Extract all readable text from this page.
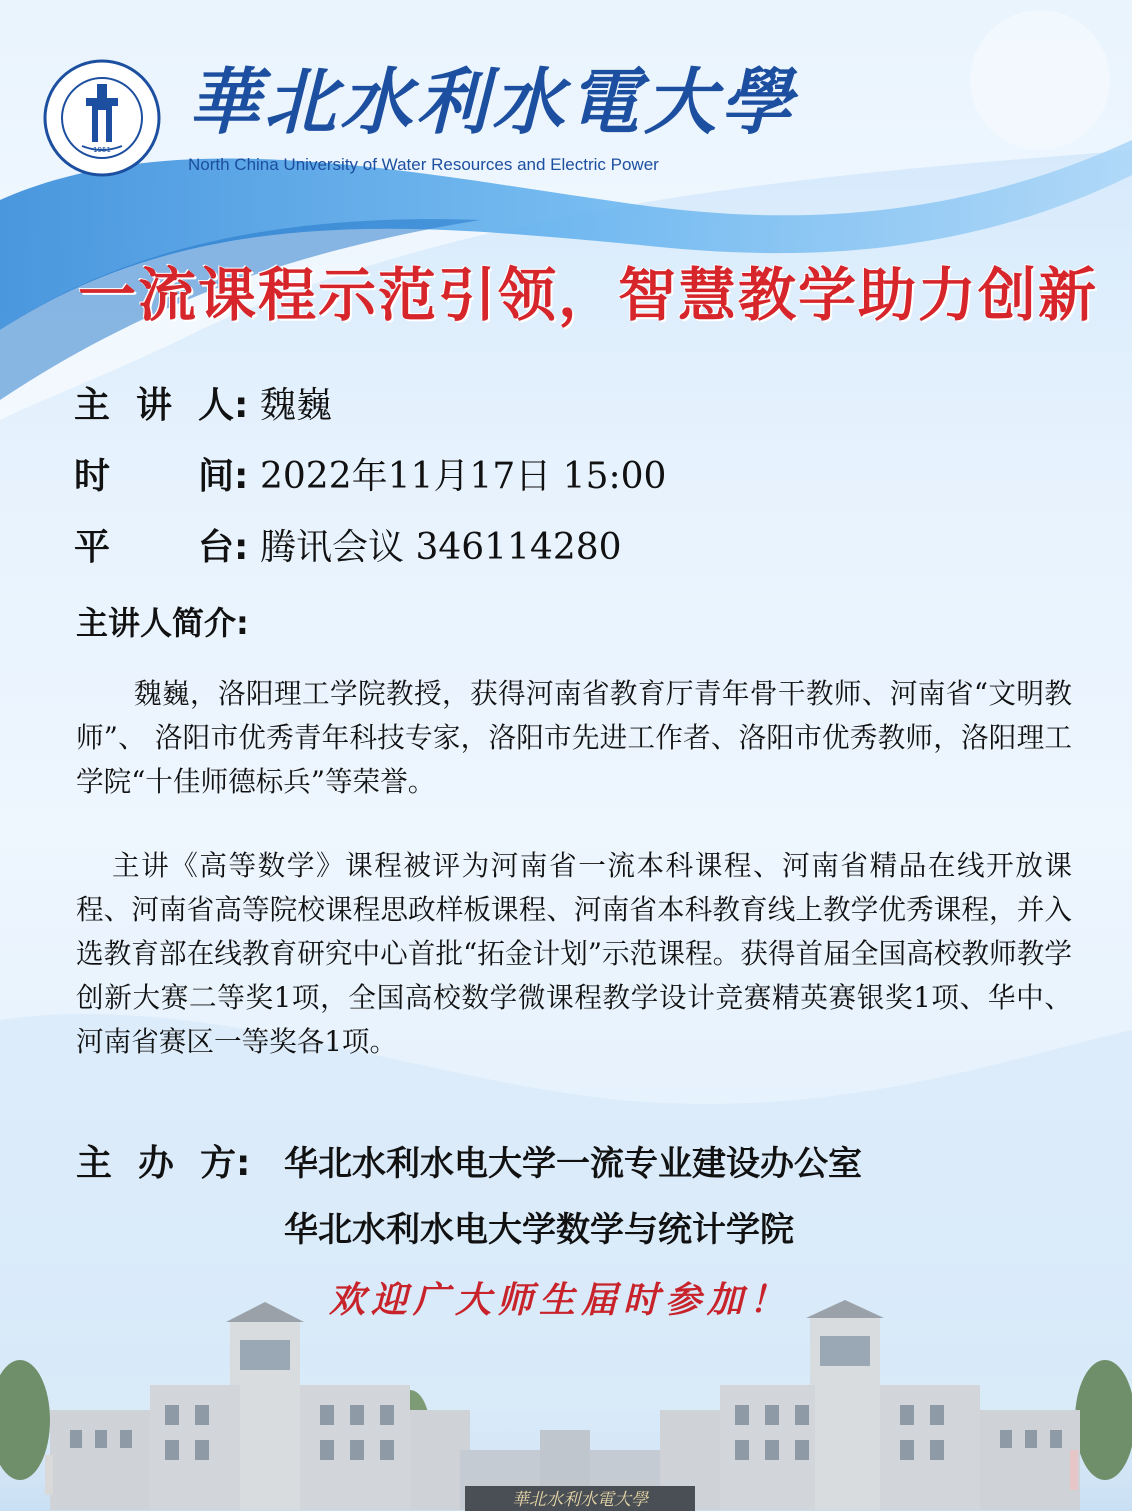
1951
華北水利水電大學
North China University of Water Resources and Electric Power
一流课程示范引领，智慧教学助力创新
主 讲 人: 魏巍
时 间: 2022年11月17日 15:00
平 台: 腾讯会议 346114280
主讲人简介:

魏巍，洛阳理工学院教授，获得河南省教育厅青年骨干教师、河南省“文明教师”、 洛阳市优秀青年科技专家，洛阳市先进工作者、洛阳市优秀教师，洛阳理工学院“十佳师德标兵”等荣誉。

主讲《高等数学》课程被评为河南省一流本科课程、河南省精品在线开放课程、河南省高等院校课程思政样板课程、河南省本科教育线上教学优秀课程，并入选教育部在线教育研究中心首批“拓金计划”示范课程。获得首届全国高校教师教学创新大赛二等奖1项，全国高校数学微课程教学设计竞赛精英赛银奖1项、华中、河南省赛区一等奖各1项。

主 办 方: 华北水利水电大学一流专业建设办公室
华北水利水电大学数学与统计学院
欢迎广大师生届时参加！
華北水利水電大學
